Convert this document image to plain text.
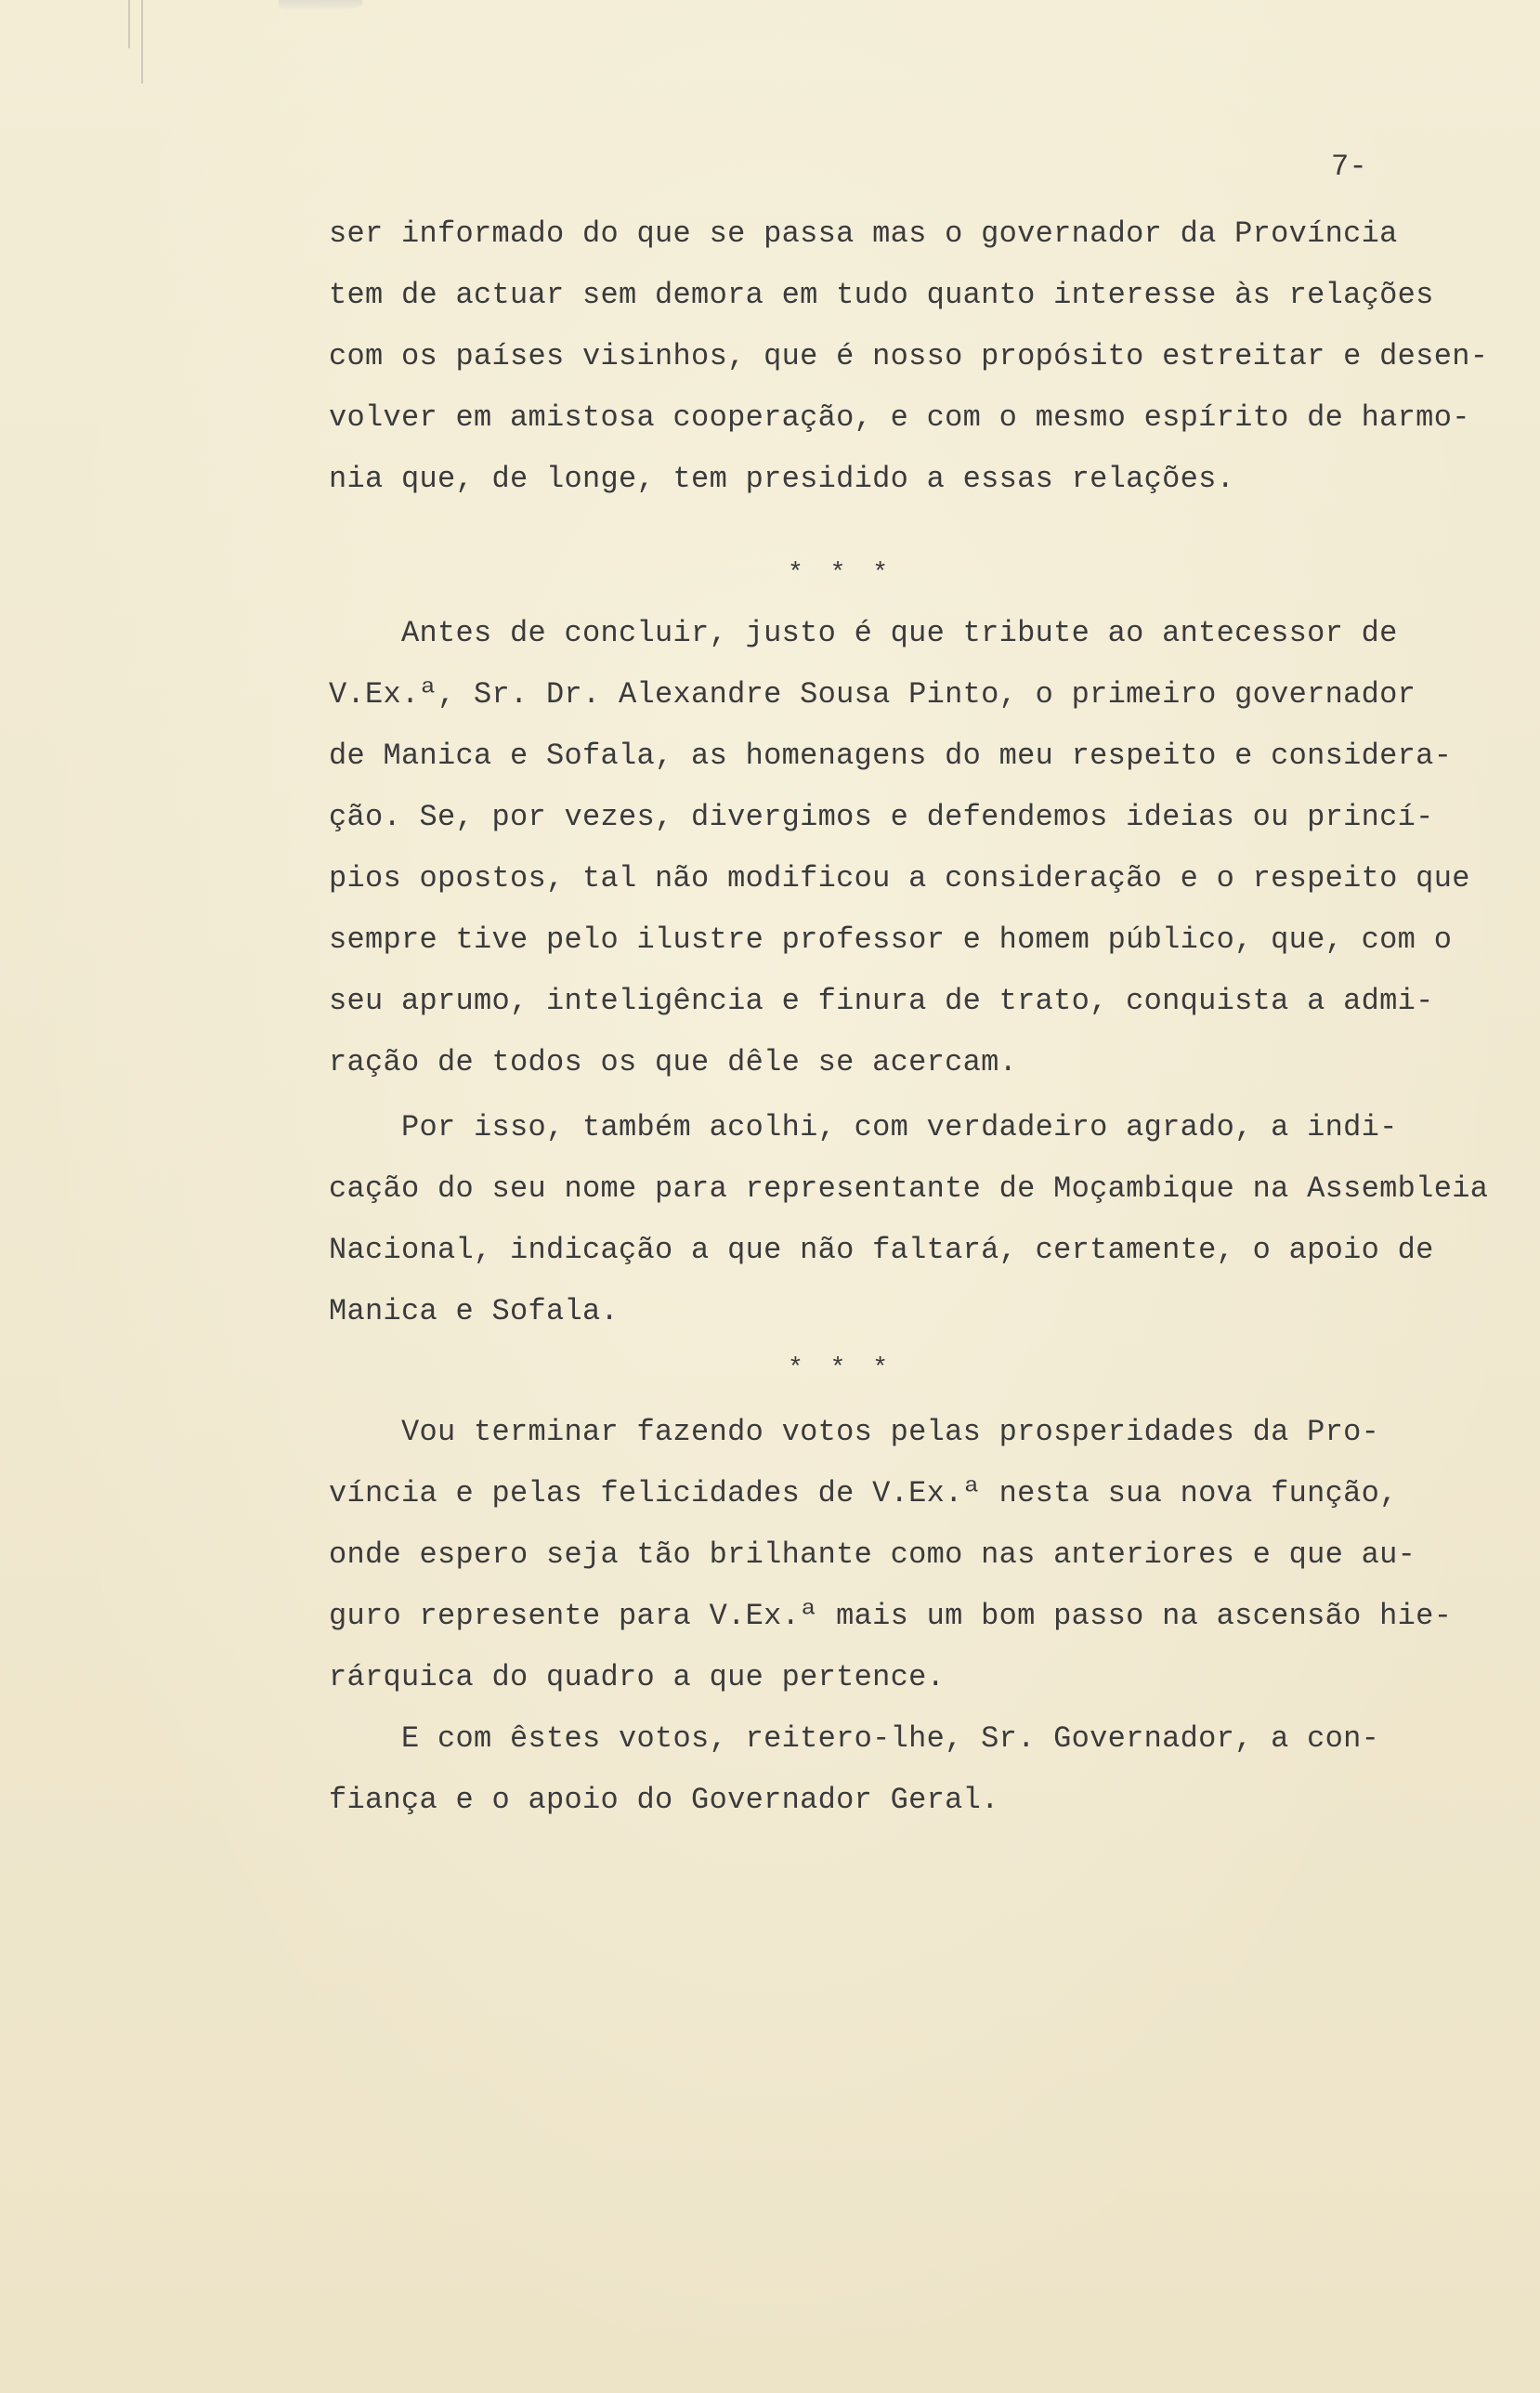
7-
ser informado do que se passa mas o governador da Província
tem de actuar sem demora em tudo quanto interesse às relações
com os países visinhos, que é nosso propósito estreitar e desen-
volver em amistosa cooperação, e com o mesmo espírito de harmo-
nia que, de longe, tem presidido a essas relações.
* * *
Antes de concluir, justo é que tribute ao antecessor de
V.Ex.ª, Sr. Dr. Alexandre Sousa Pinto, o primeiro governador
de Manica e Sofala, as homenagens do meu respeito e considera-
ção. Se, por vezes, divergimos e defendemos ideias ou princí-
pios opostos, tal não modificou a consideração e o respeito que
sempre tive pelo ilustre professor e homem público, que, com o
seu aprumo, inteligência e finura de trato, conquista a admi-
ração de todos os que dêle se acercam.
Por isso, também acolhi, com verdadeiro agrado, a indi-
cação do seu nome para representante de Moçambique na Assembleia
Nacional, indicação a que não faltará, certamente, o apoio de
Manica e Sofala.
* * *
Vou terminar fazendo votos pelas prosperidades da Pro-
víncia e pelas felicidades de V.Ex.ª nesta sua nova função,
onde espero seja tão brilhante como nas anteriores e que au-
guro represente para V.Ex.ª mais um bom passo na ascensão hie-
rárquica do quadro a que pertence.
E com êstes votos, reitero-lhe, Sr. Governador, a con-
fiança e o apoio do Governador Geral.
